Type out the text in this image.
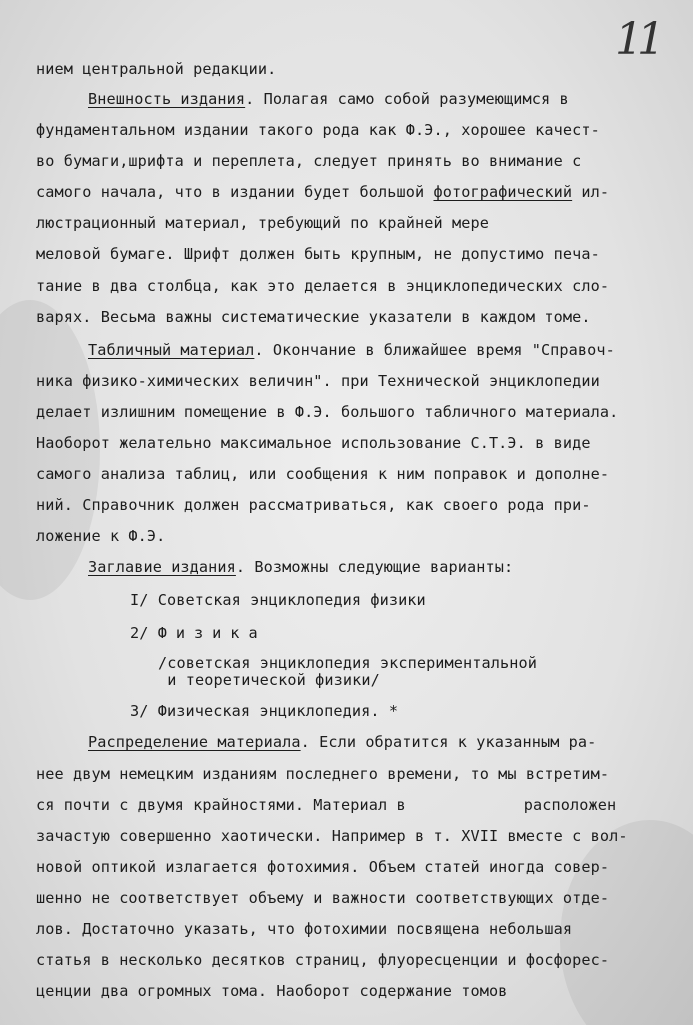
11
нием центральной редакции.
Внешность издания. Полагая само собой разумеющимся в
фундаментальном издании такого рода как Ф.Э., хорошее качест-
во бумаги,шрифта и переплета, следует принять во внимание с
самого начала, что в издании будет большой фотографический ил-
люстрационный материал, требующий по крайней мере
меловой бумаге. Шрифт должен быть крупным, не допустимо печа-
тание в два столбца, как это делается в энциклопедических сло-
варях. Весьма важны систематические указатели в каждом томе.
Табличный материал. Окончание в ближайшее время "Справоч-
ника физико-химических величин". при Технической энциклопедии
делает излишним помещение в Ф.Э. большого табличного материала.
Наоборот желательно максимальное использование С.Т.Э. в виде
самого анализа таблиц, или сообщения к ним поправок и дополне-
ний. Справочник должен рассматриваться, как своего рода при-
ложение к Ф.Э.
Заглавие издания. Возможны следующие варианты:
I/ Советская энциклопедия физики
2/ Физика
/советская энциклопедия экспериментальной
и теоретической физики/
3/ Физическая энциклопедия. *
Распределение материала. Если обратится к указанным ра-
нее двум немецким изданиям последнего времени, то мы встретим-
ся почти с двумя крайностями. Материал в	расположен
зачастую совершенно хаотически. Например в т. XVII вместе с вол-
новой оптикой излагается фотохимия. Объем статей иногда совер-
шенно не соответствует объему и важности соответствующих отде-
лов. Достаточно указать, что фотохимии посвящена небольшая
статья в несколько десятков страниц, флуоресценции и фосфорес-
ценции два огромных тома. Наоборот содержание томов
